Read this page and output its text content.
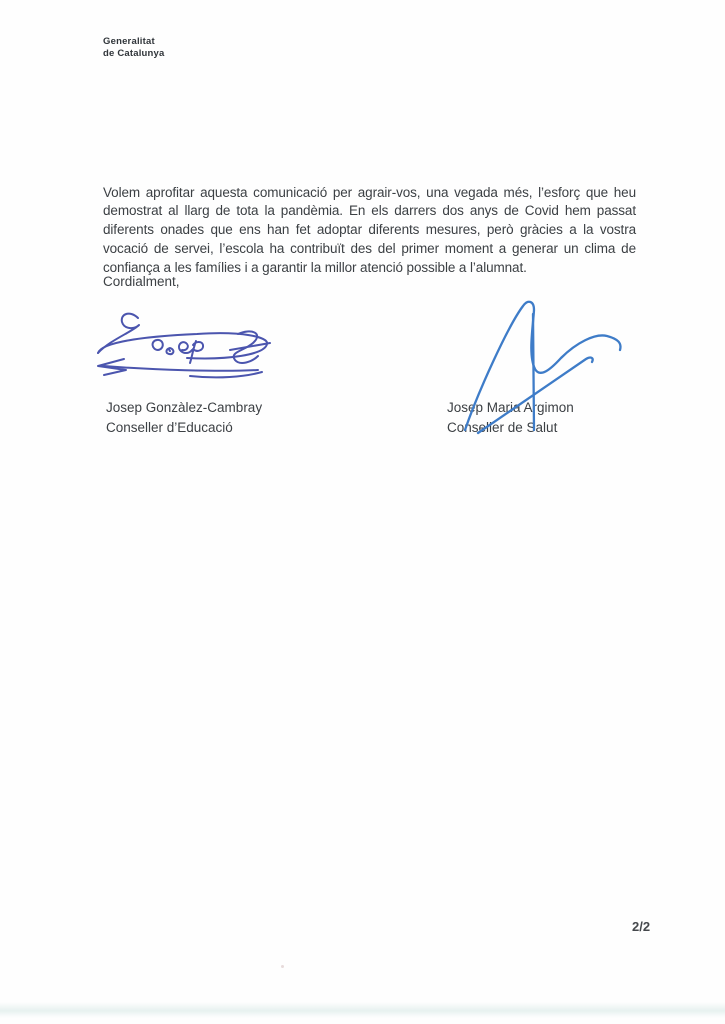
Generalitat
de Catalunya

Volem aprofitar aquesta comunicació per agrair-vos, una vegada més, l’esforç que heu demostrat al llarg de tota la pandèmia. En els darrers dos anys de Covid hem passat diferents onades que ens han fet adoptar diferents mesures, però gràcies a la vostra vocació de servei, l’escola ha contribuït des del primer moment a generar un clima de confiança a les famílies i a garantir la millor atenció possible a l’alumnat.

Cordialment,
Josep Gonzàlez-Cambray
Conseller d’Educació
Josep Maria Argimon
Conseller de Salut
2/2
